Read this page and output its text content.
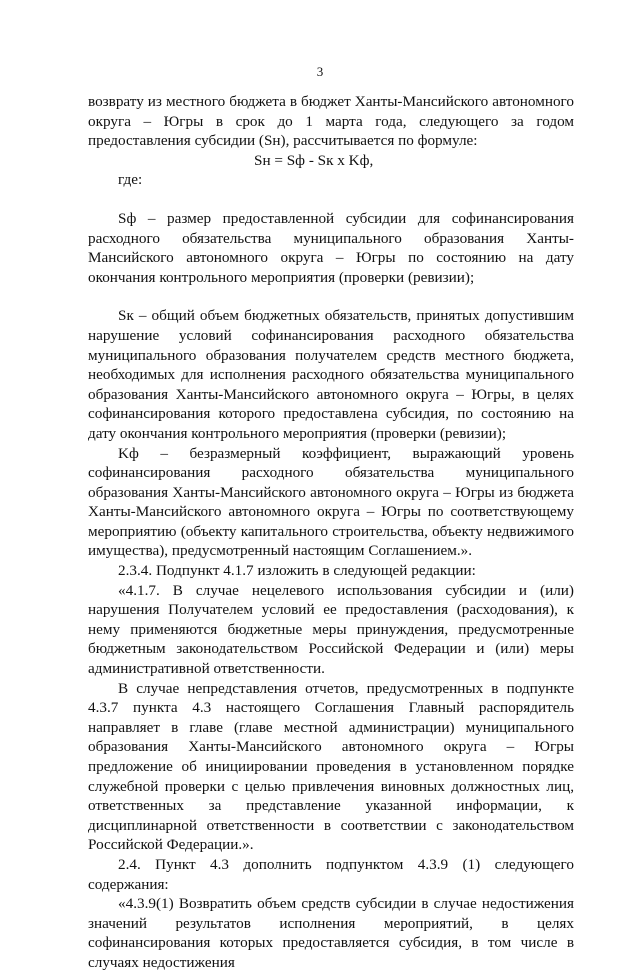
3

возврату из местного бюджета в бюджет Ханты-Мансийского автономного округа – Югры в срок до 1 марта года, следующего за годом предоставления субсидии (Sн), рассчитывается по формуле:

Sн = Sф - Sк x Kф,

где:

Sф – размер предоставленной субсидии для софинансирования расходного обязательства муниципального образования Ханты-Мансийского автономного округа – Югры по состоянию на дату окончания контрольного мероприятия (проверки (ревизии);

Sк – общий объем бюджетных обязательств, принятых допустившим нарушение условий софинансирования расходного обязательства муниципального образования получателем средств местного бюджета, необходимых для исполнения расходного обязательства муниципального образования Ханты-Мансийского автономного округа – Югры, в целях софинансирования которого предоставлена субсидия, по состоянию на дату окончания контрольного мероприятия (проверки (ревизии);

Kф – безразмерный коэффициент, выражающий уровень софинансирования расходного обязательства муниципального образования Ханты-Мансийского автономного округа – Югры из бюджета Ханты-Мансийского автономного округа – Югры по соответствующему мероприятию (объекту капитального строительства, объекту недвижимого имущества), предусмотренный настоящим Соглашением.».

2.3.4. Подпункт 4.1.7 изложить в следующей редакции:

«4.1.7. В случае нецелевого использования субсидии и (или) нарушения Получателем условий ее предоставления (расходования), к нему применяются бюджетные меры принуждения, предусмотренные бюджетным законодательством Российской Федерации и (или) меры административной ответственности.

В случае непредставления отчетов, предусмотренных в подпункте 4.3.7 пункта 4.3 настоящего Соглашения Главный распорядитель направляет в главе (главе местной администрации) муниципального образования Ханты-Мансийского автономного округа – Югры предложение об инициировании проведения в установленном порядке служебной проверки с целью привлечения виновных должностных лиц, ответственных за представление указанной информации, к дисциплинарной ответственности в соответствии с законодательством Российской Федерации.».

2.4. Пункт 4.3 дополнить подпунктом 4.3.9 (1) следующего содержания:

«4.3.9(1) Возвратить объем средств субсидии в случае недостижения значений результатов исполнения мероприятий, в целях софинансирования которых предоставляется субсидия, в том числе в случаях недостижения
